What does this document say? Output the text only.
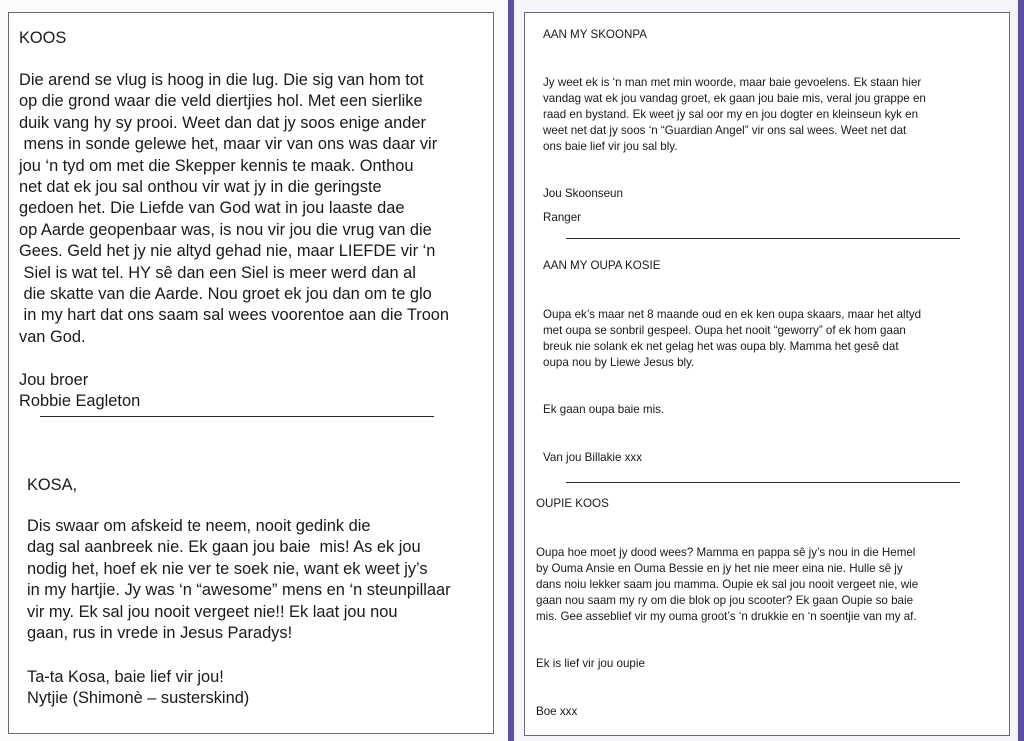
KOOS
Die arend se vlug is hoog in die lug. Die sig van hom tot
op die grond waar die veld diertjies hol. Met een sierlike
duik vang hy sy prooi. Weet dan dat jy soos enige ander
mens in sonde gelewe het, maar vir van ons was daar vir
jou ‘n tyd om met die Skepper kennis te maak. Onthou
net dat ek jou sal onthou vir wat jy in die geringste
gedoen het. Die Liefde van God wat in jou laaste dae
op Aarde geopenbaar was, is nou vir jou die vrug van die
Gees. Geld het jy nie altyd gehad nie, maar LIEFDE vir ‘n
Siel is wat tel. HY sê dan een Siel is meer werd dan al
die skatte van die Aarde. Nou groet ek jou dan om te glo
in my hart dat ons saam sal wees voorentoe aan die Troon
van God.
Jou broer
Robbie Eagleton
KOSA,
Dis swaar om afskeid te neem, nooit gedink die
dag sal aanbreek nie. Ek gaan jou baie  mis! As ek jou
nodig het, hoef ek nie ver te soek nie, want ek weet jy’s
in my hartjie. Jy was ‘n “awesome” mens en ‘n steunpillaar
vir my. Ek sal jou nooit vergeet nie!! Ek laat jou nou
gaan, rus in vrede in Jesus Paradys!
Ta-ta Kosa, baie lief vir jou!
Nytjie (Shimonè – susterskind)
AAN MY SKOONPA
Jy weet ek is ‘n man met min woorde, maar baie gevoelens. Ek staan hier
vandag wat ek jou vandag groet, ek gaan jou baie mis, veral jou grappe en
raad en bystand. Ek weet jy sal oor my en jou dogter en kleinseun kyk en
weet net dat jy soos ‘n “Guardian Angel” vir ons sal wees. Weet net dat
ons baie lief vir jou sal bly.
Jou Skoonseun
Ranger
AAN MY OUPA KOSIE
Oupa ek’s maar net 8 maande oud en ek ken oupa skaars, maar het altyd
met oupa se sonbril gespeel. Oupa het nooit “geworry” of ek hom gaan
breuk nie solank ek net gelag het was oupa bly. Mamma het gesê dat
oupa nou by Liewe Jesus bly.
Ek gaan oupa baie mis.
Van jou Billakie xxx
OUPIE KOOS
Oupa hoe moet jy dood wees? Mamma en pappa sê jy’s nou in die Hemel
by Ouma Ansie en Ouma Bessie en jy het nie meer eina nie. Hulle sê jy
dans noiu lekker saam jou mamma. Oupie ek sal jou nooit vergeet nie, wie
gaan nou saam my ry om die blok op jou scooter? Ek gaan Oupie so baie
mis. Gee asseblief vir my ouma groot’s ‘n drukkie en ‘n soentjie van my af.
Ek is lief vir jou oupie
Boe xxx
